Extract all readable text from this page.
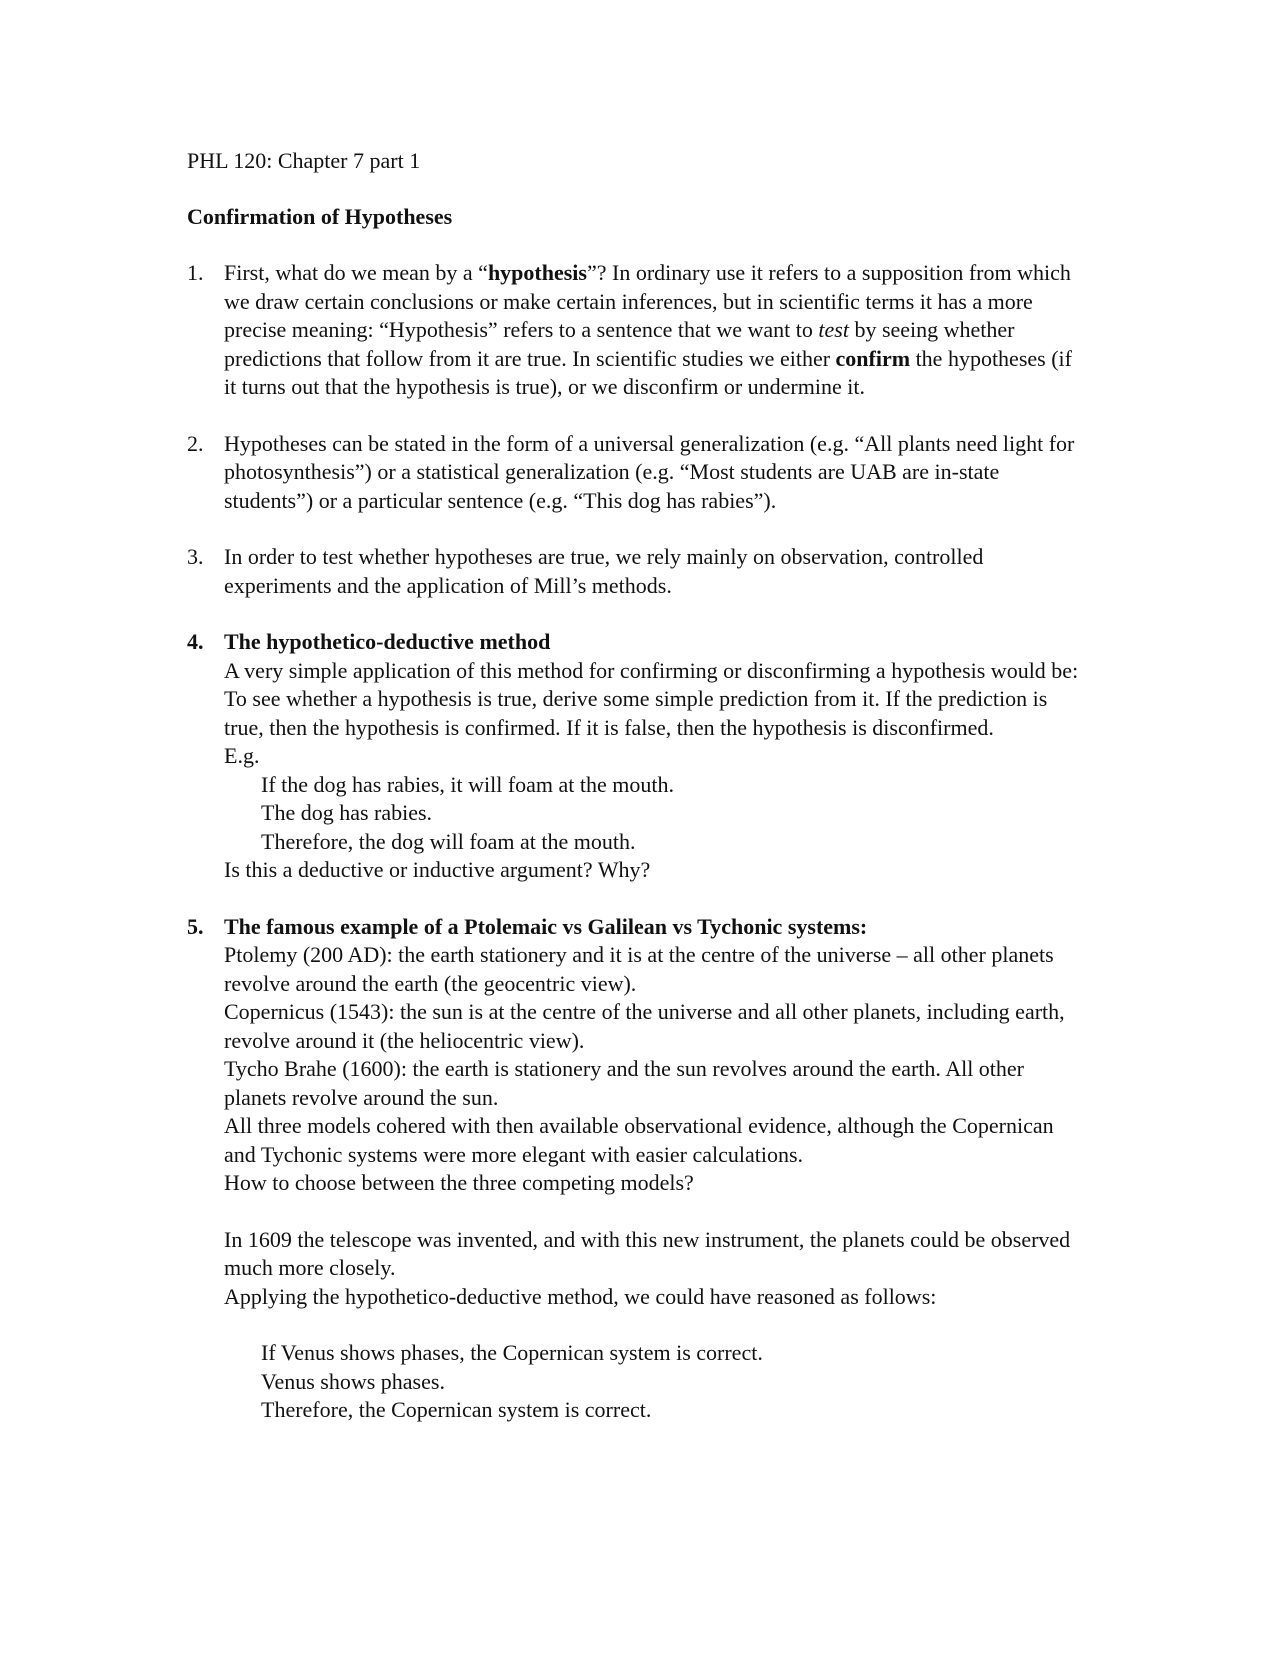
PHL 120: Chapter 7 part 1

Confirmation of Hypotheses

1. First, what do we mean by a “hypothesis”? In ordinary use it refers to a supposition from which we draw certain conclusions or make certain inferences, but in scientific terms it has a more precise meaning: “Hypothesis” refers to a sentence that we want to test by seeing whether predictions that follow from it are true. In scientific studies we either confirm the hypotheses (if it turns out that the hypothesis is true), or we disconfirm or undermine it.

2. Hypotheses can be stated in the form of a universal generalization (e.g. “All plants need light for photosynthesis”) or a statistical generalization (e.g. “Most students are UAB are in-state students”) or a particular sentence (e.g. “This dog has rabies”).

3. In order to test whether hypotheses are true, we rely mainly on observation, controlled experiments and the application of Mill’s methods.

4. The hypothetico-deductive method

A very simple application of this method for confirming or disconfirming a hypothesis would be: To see whether a hypothesis is true, derive some simple prediction from it. If the prediction is true, then the hypothesis is confirmed. If it is false, then the hypothesis is disconfirmed.

E.g.

If the dog has rabies, it will foam at the mouth.

The dog has rabies.

Therefore, the dog will foam at the mouth.

Is this a deductive or inductive argument? Why?

5. The famous example of a Ptolemaic vs Galilean vs Tychonic systems:

Ptolemy (200 AD): the earth stationery and it is at the centre of the universe – all other planets revolve around the earth (the geocentric view).

Copernicus (1543): the sun is at the centre of the universe and all other planets, including earth, revolve around it (the heliocentric view).

Tycho Brahe (1600): the earth is stationery and the sun revolves around the earth. All other planets revolve around the sun.

All three models cohered with then available observational evidence, although the Copernican and Tychonic systems were more elegant with easier calculations.

How to choose between the three competing models?

In 1609 the telescope was invented, and with this new instrument, the planets could be observed much more closely.

Applying the hypothetico-deductive method, we could have reasoned as follows:

If Venus shows phases, the Copernican system is correct.

Venus shows phases.

Therefore, the Copernican system is correct.
